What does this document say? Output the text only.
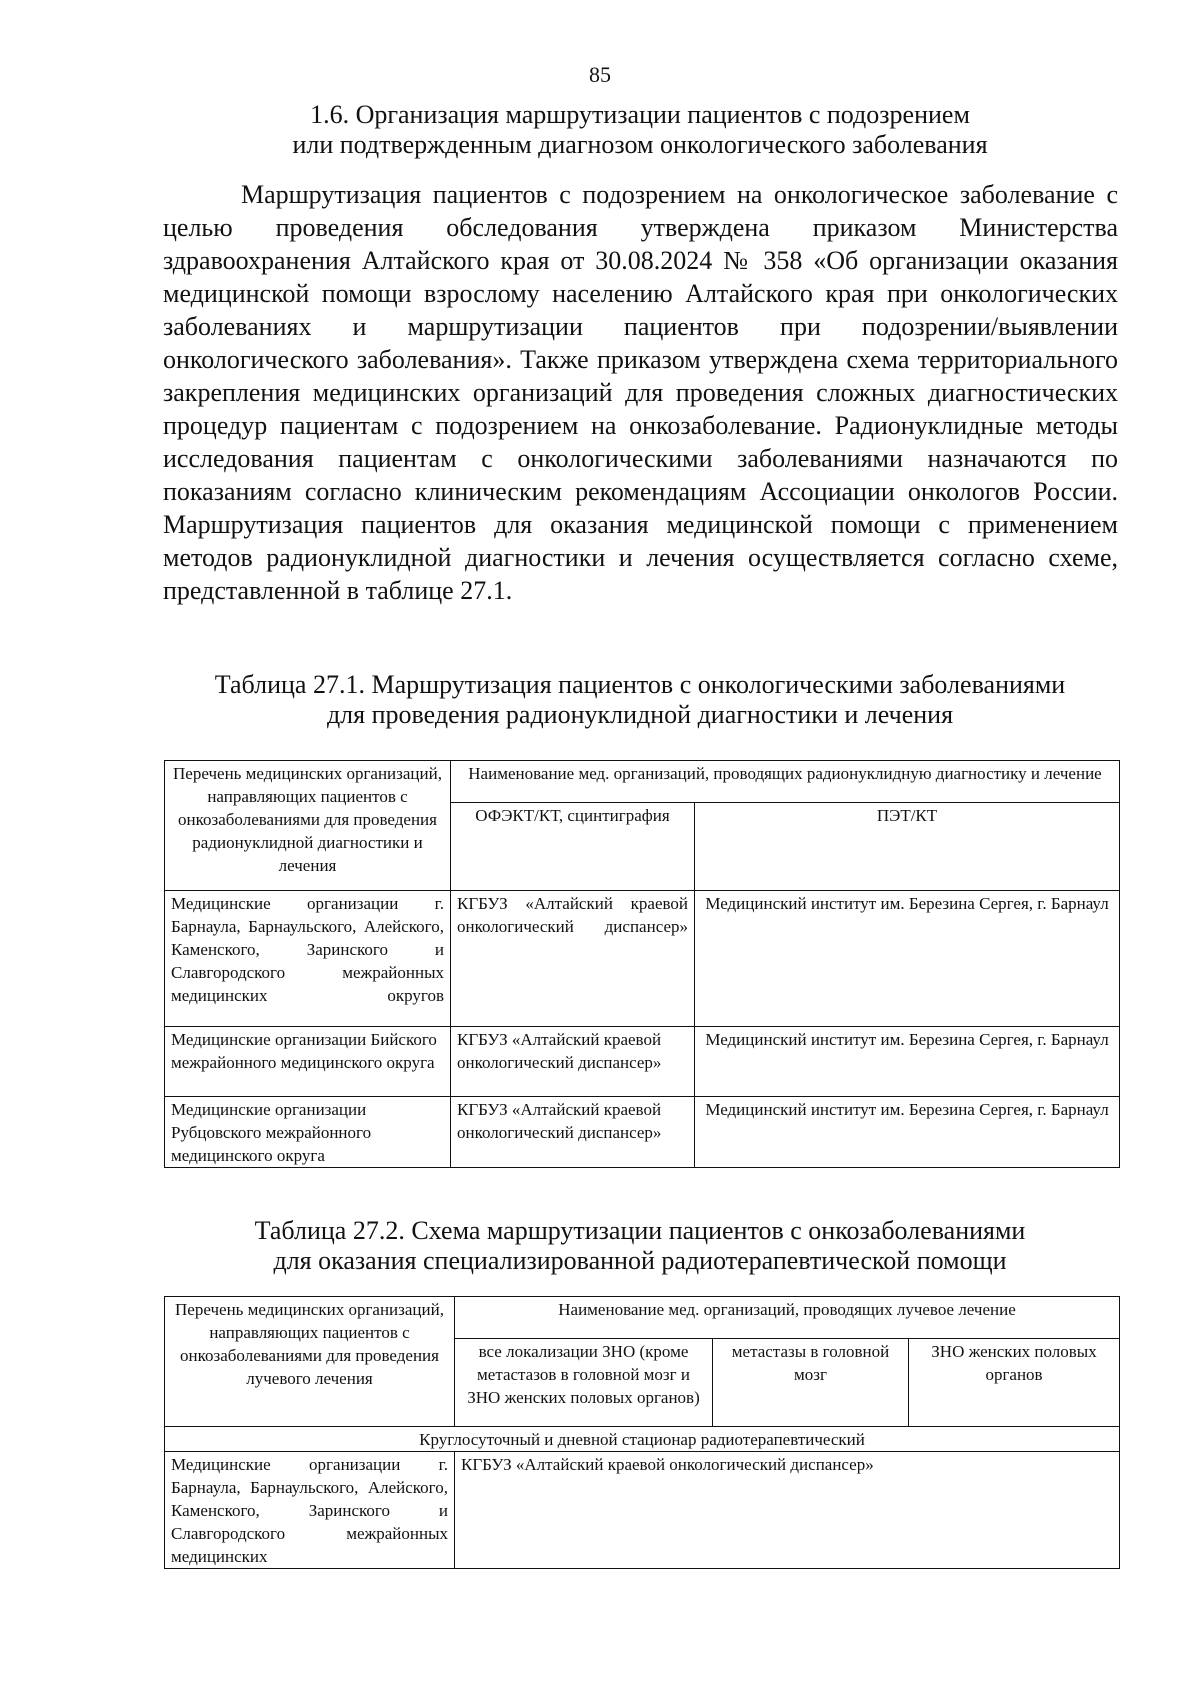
85
1.6. Организация маршрутизации пациентов с подозрением
или подтвержденным диагнозом онкологического заболевания

Маршрутизация пациентов с подозрением на онкологическое заболевание с целью проведения обследования утверждена приказом Министерства здравоохранения Алтайского края от 30.08.2024 № 358 «Об организации оказания медицинской помощи взрослому населению Алтайского края при онкологических заболеваниях и маршрутизации пациентов при подозрении/выявлении онкологического заболевания». Также приказом утверждена схема территориального закрепления медицинских организаций для проведения сложных диагностических процедур пациентам с подозрением на онкозаболевание. Радионуклидные методы исследования пациентам с онкологическими заболеваниями назначаются по показаниям согласно клиническим рекомендациям Ассоциации онкологов России. Маршрутизация пациентов для оказания медицинской помощи с применением методов радионуклидной диагностики и лечения осуществляется согласно схеме, представленной в таблице 27.1.

Таблица 27.1. Маршрутизация пациентов с онкологическими заболеваниями
для проведения радионуклидной диагностики и лечения
Перечень медицинских организаций, направляющих пациентов с онкозаболеваниями для проведения радионуклидной диагностики и лечения	Наименование мед. организаций, проводящих радионуклидную диагностику и лечение	
	ОФЭКТ/КТ, сцинтиграфия	ПЭТ/КТ
Медицинские организации г. Барнаула, Барнаульского, Алейского, Каменского, Заринского и Славгородского межрайонных медицинских округов	КГБУЗ «Алтайский краевой онкологический диспансер»	Медицинский институт им. Березина Сергея, г. Барнаул
Медицинские организации Бийского межрайонного медицинского округа	КГБУЗ «Алтайский краевой онкологический диспансер»	Медицинский институт им. Березина Сергея, г. Барнаул
Медицинские организации Рубцовского межрайонного медицинского округа	КГБУЗ «Алтайский краевой онкологический диспансер»	Медицинский институт им. Березина Сергея, г. Барнаул
Таблица 27.2. Схема маршрутизации пациентов с онкозаболеваниями
для оказания специализированной радиотерапевтической помощи
Перечень медицинских организаций, направляющих пациентов с онкозаболеваниями для проведения лучевого лечения	Наименование мед. организаций, проводящих лучевое лечение		
	все локализации ЗНО (кроме метастазов в головной мозг и ЗНО женских половых органов)	метастазы в головной мозг	ЗНО женских половых органов
Круглосуточный и дневной стационар радиотерапевтический			
Медицинские организации г. Барнаула, Барнаульского, Алейского, Каменского, Заринского и Славгородского межрайонных медицинских	КГБУЗ «Алтайский краевой онкологический диспансер»		
